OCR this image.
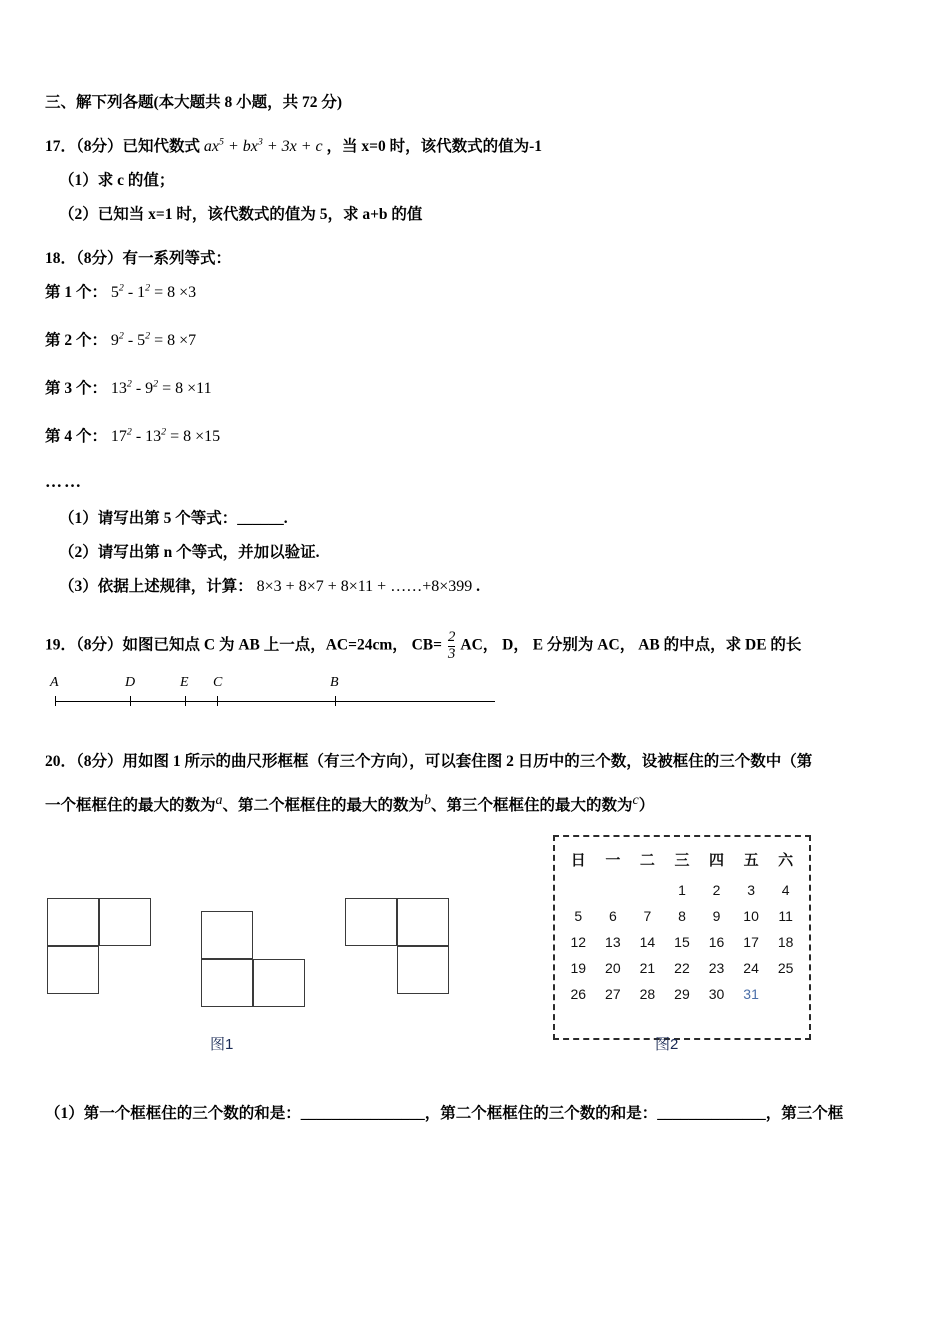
三、解下列各题(本大题共 8 小题，共 72 分)
17．（8分）已知代数式 $ax^5 + bx^3 + 3x + c$ ，当 x=0 时，该代数式的值为-1
（1）求 c 的值；
（2）已知当 x=1 时，该代数式的值为 5，求 a+b 的值
18．（8分）有一系列等式：
第 1 个： $5^2 - 1^2 = 8 \times 3$
第 2 个： $9^2 - 5^2 = 8 \times 7$
第 3 个： $13^2 - 9^2 = 8 \times 11$
第 4 个： $17^2 - 13^2 = 8 \times 15$
……
（1）请写出第 5 个等式：______.
（2）请写出第 n 个等式，并加以验证.
（3）依据上述规律，计算： 8×3 + 8×7 + 8×11 + ……+8×399 .
19．（8分）如图已知点 C 为 AB 上一点，AC=24cm， $CB= \frac{2}{3}$ AC， D， E 分别为 AC， AB 的中点，求 DE 的长
A	D	E C	B
20．（8分）用如图 1 所示的曲尺形框框（有三个方向），可以套住图 2 日历中的三个数，设被框住的三个数中（第
一个框框住的最大的数为a、第二个框框住的最大的数为b、第三个框框住的最大的数为c）
图1
日	一	二	三	四	五	六
			1	2	3	4
5	6	7	8	9	10	11
12	13	14	15	16	17	18
19	20	21	22	23	24	25
26	27	28	29	30	31	
图2
（1）第一个框框住的三个数的和是：________________，第二个框框住的三个数的和是：______________，第三个框
